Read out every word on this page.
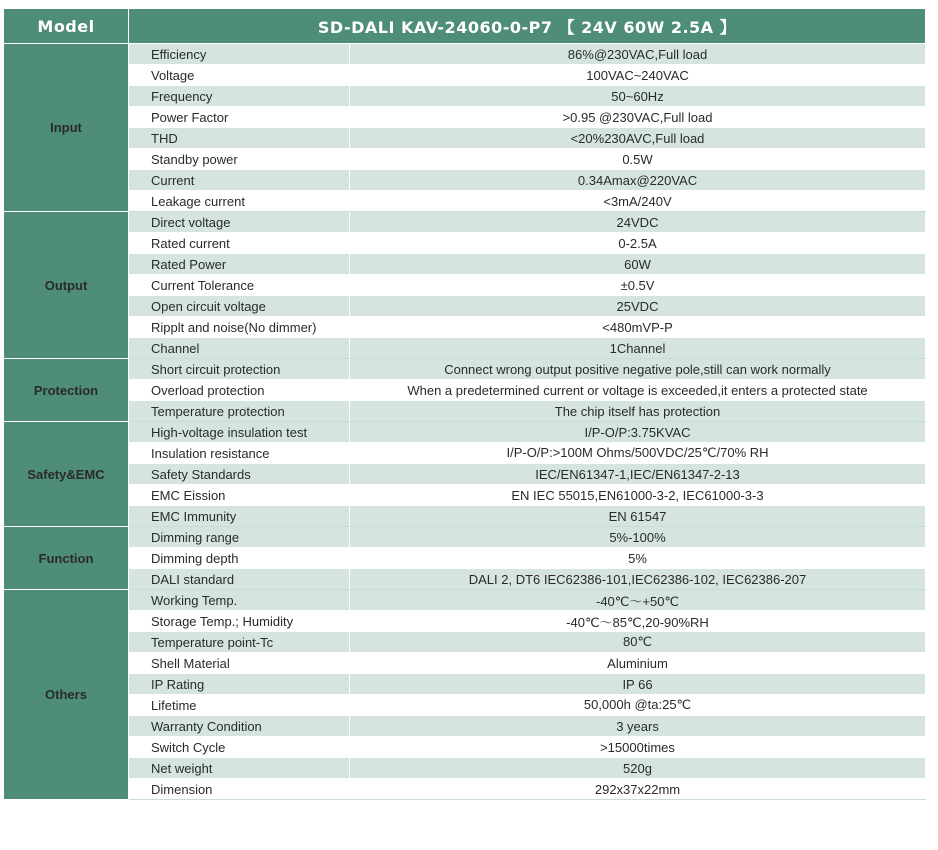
Model	SD-DALI KAV-24060-0-P7 【 24V 60W 2.5A 】	
Input	Efficiency	86%@230VAC,Full load
	Voltage	100VAC~240VAC
	Frequency	50~60Hz
	Power Factor	>0.95 @230VAC,Full load
	THD	<20%230AVC,Full load
	Standby power	0.5W
	Current	0.34Amax@220VAC
	Leakage current	<3mA/240V
Output	Direct voltage	24VDC
	Rated current	0-2.5A
	Rated Power	60W
	Current Tolerance	±0.5V
	Open circuit voltage	25VDC
	Ripplt and noise(No dimmer)	<480mVP-P
	Channel	1Channel
Protection	Short circuit protection	Connect wrong output positive negative pole,still can work normally
	Overload protection	When a predetermined current or voltage is exceeded,it enters a protected state
	Temperature protection	The chip itself has protection
Safety&EMC	High-voltage insulation test	I/P-O/P:3.75KVAC
	Insulation resistance	I/P-O/P:>100M Ohms/500VDC/25℃/70% RH
	Safety Standards	IEC/EN61347-1,IEC/EN61347-2-13
	EMC Eission	EN IEC 55015,EN61000-3-2, IEC61000-3-3
	EMC Immunity	EN 61547
Function	Dimming range	5%-100%
	Dimming depth	5%
	DALI standard	DALI 2, DT6 IEC62386-101,IEC62386-102, IEC62386-207
Others	Working Temp.	-40℃～+50℃
	Storage Temp.; Humidity	-40℃～85℃,20-90%RH
	Temperature point-Tc	80℃
	Shell Material	Aluminium
	IP Rating	IP 66
	Lifetime	50,000h @ta:25℃
	Warranty Condition	3 years
	Switch Cycle	>15000times
	Net weight	520g
	Dimension	292x37x22mm
